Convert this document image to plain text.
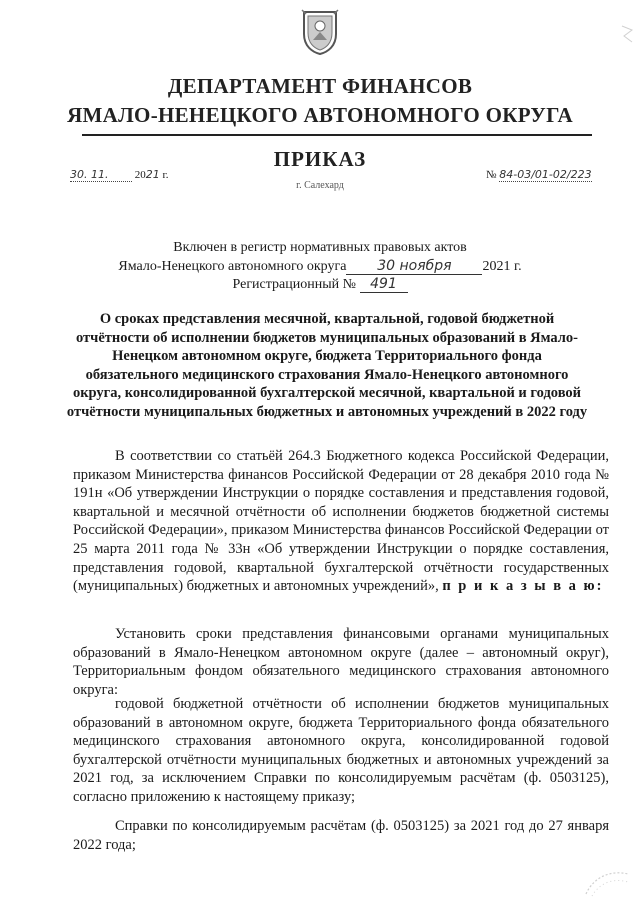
ДЕПАРТАМЕНТ ФИНАНСОВ
ЯМАЛО-НЕНЕЦКОГО АВТОНОМНОГО ОКРУГА
ПРИКАЗ
30. 11. 2021 г.	№ 84-03/01-02/223
г. Салехард
Включен в регистр нормативных правовых актов
Ямало-Ненецкого автономного округа 30 ноября 2021 г.
Регистрационный № 491
О сроках представления месячной, квартальной, годовой бюджетной отчётности об исполнении бюджетов муниципальных образований в Ямало-Ненецком автономном округе, бюджета Территориального фонда обязательного медицинского страхования Ямало-Ненецкого автономного округа, консолидированной бухгалтерской месячной, квартальной и годовой отчётности муниципальных бюджетных и автономных учреждений в 2022 году
В соответствии со статьёй 264.3 Бюджетного кодекса Российской Федерации, приказом Министерства финансов Российской Федерации от 28 декабря 2010 года № 191н «Об утверждении Инструкции о порядке составления и представления годовой, квартальной и месячной отчётности об исполнении бюджетов бюджетной системы Российской Федерации», приказом Министерства финансов Российской Федерации от 25 марта 2011 года № 33н «Об утверждении Инструкции о порядке составления, представления годовой, квартальной бухгалтерской отчётности государственных (муниципальных) бюджетных и автономных учреждений», п р и к а з ы в а ю:
Установить сроки представления финансовыми органами муниципальных образований в Ямало-Ненецком автономном округе (далее – автономный округ), Территориальным фондом обязательного медицинского страхования автономного округа:
годовой бюджетной отчётности об исполнении бюджетов муниципальных образований в автономном округе, бюджета Территориального фонда обязательного медицинского страхования автономного округа, консолидированной годовой бухгалтерской отчётности муниципальных бюджетных и автономных учреждений за 2021 год, за исключением Справки по консолидируемым расчётам (ф. 0503125), согласно приложению к настоящему приказу;
Справки по консолидируемым расчётам (ф. 0503125) за 2021 год до 27 января 2022 года;
